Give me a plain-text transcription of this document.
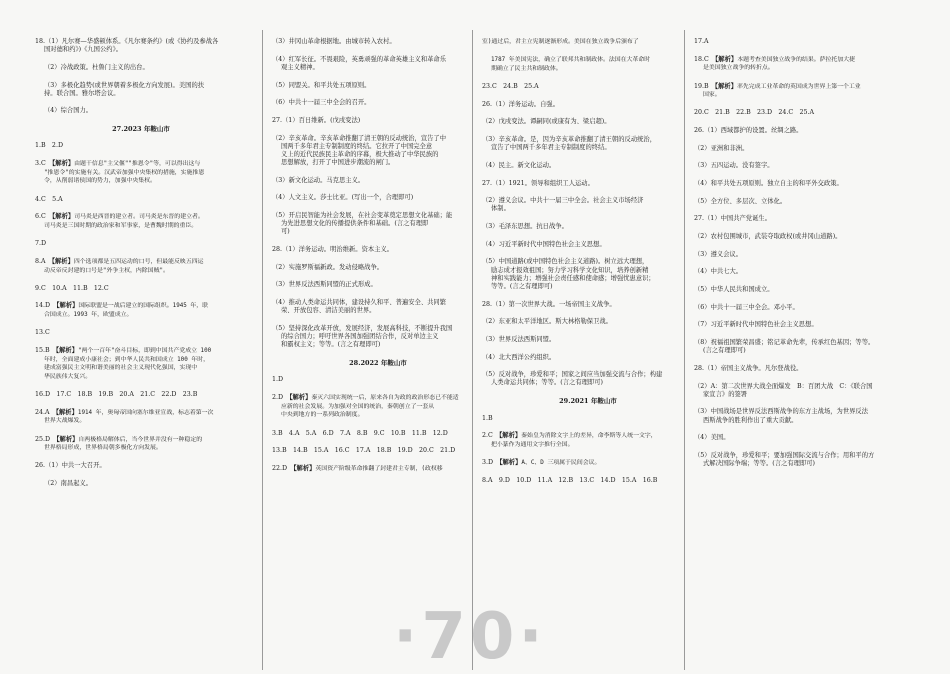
18.（1）凡尔赛—华盛顿体系。《凡尔赛条约》(或《协约及参战各
国对德和约》)《九国公约》。
（2）冷战政策。杜鲁门主义的出台。
（3）多极化趋势(或世界朝着多极化方向发展)。美国的扶
持。联合国。雅尔塔会议。
（4）综合国力。
27.2023 年鞍山市
1.B　2.D
3.C　【解析】由题干信息"主父偃""推恩令"等，可以得出这与
"推恩令"的实施有关。汉武帝加强中央集权的措施，实施推恩
令，从削弱诸侯国的势力，加强中央集权。
4.C　5.A
6.C　【解析】司马炎是西晋的建立者。司马炎是东晋的建立者。
司马炎是三国时期的政治家和军事家，是曹魏时期的重臣。
7.D
8.A　【解析】四个选项都是五四运动的口号，但最能反映五四运
动反帝反封建的口号是"外争主权，内除国贼"。
9.C　10.A　11.B　12.C
14.D　【解析】国际联盟是一战后建立的国际组织。1945 年，联
合国成立。1993 年，欧盟成立。
13.C　
15.B　【解析】"两个一百年"奋斗目标，即到中国共产党成立 100
年时，全面建成小康社会；到中华人民共和国成立 100 年时，
建成富强民主文明和谐美丽的社会主义现代化强国，实现中
华民族伟大复兴。
16.D　17.C　18.B　19.B　20.A　21.C　22.D　23.B
24.A　【解析】1914 年，奥匈帝国向塞尔维亚宣战，标志着第一次
世界大战爆发。
25.D　【解析】自两极格局解体后，当今世界并没有一种稳定的
世界格局形成，世界格局朝多极化方向发展。
26.（1）中共一大召开。
（2）南昌起义。
（3）井冈山革命根据地。由城市转入农村。
（4）红军长征。不畏艰险，英勇顽强的革命英雄主义和革命乐
观主义精神。
（5）同盟关。和平共处五项原则。
（6）中共十一届三中全会的召开。
27.（1）百日维新。(戊戌变法)
（2）辛亥革命。辛亥革命推翻了清王朝的反动统治，宣告了中
国两千多年君主专制制度的终结。它拉开了中国完全意
义上的近代民族民主革命的序幕，极大推动了中华民族的
思想解放，打开了中国进步潮流的闸门。
（3）新文化运动。马克思主义。
（4）人文主义。莎士比亚。(写出一个，合理即可)
（5）开启民智能为社会发展，在社会变革奠定思想文化基础；能
为先进思想文化的传播提供条件和基础。(言之有理即
可)
28.（1）洋务运动。明治维新。资本主义。
（2）实施罗斯福新政。发动侵略战争。
（3）世界反法西斯同盟的正式形成。
（4）推动人类命运共同体，建设持久和平、普遍安全、共同繁
荣、开放包容、清洁美丽的世界。
（5）坚持深化改革开放，发展经济，发展高科技，不断提升我国
的综合国力；呼吁世界各国加强团结合作，反对单边主义
和霸权主义；等等。(言之有理即可)
28.2022 年鞍山市
1.D
2.D　【解析】秦灭六国实现统一后，原来各自为政的政治形态已不能适
应新的社会发展。为加强对全国的统治，秦朝创立了一套从
中央到地方的一系列政治制度。
3.B　4.A　5.A　6.D　7.A　8.B　9.C　10.B　11.B　12.D
13.B　14.B　15.A　16.C　17.A　18.B　19.D　20.C　21.D
22.D　【解析】英国资产阶级革命推翻了封建君主专制，(政权移
室)通过后，君主立宪制逐渐形成。美国在独立战争后颁布了
1787 年美国宪法，确立了联邦共和制政体。法国在大革命时
期确立了民主共和制政体。
23.C　24.B　25.A
26.（1）洋务运动。自强。
（2）戊戌变法。谭嗣同(或康有为、梁启超)。
（3）辛亥革命。是，因为辛亥革命推翻了清王朝的反动统治，
宣告了中国两千多年君主专制制度的终结。
（4）民主。新文化运动。
27.（1）1921。领导和组织工人运动。
（2）遵义会议。中共十一届三中全会。社会主义市场经济
体制。
（3）毛泽东思想。抗日战争。
（4）习近平新时代中国特色社会主义思想。
（5）中国道路(或中国特色社会主义道路)。树立远大理想，
励志成才报效祖国；努力学习科学文化知识，培养创新精
神和实践能力；增强社会责任感和使命感；增强忧患意识；
等等。(言之有理即可)
28.（1）第一次世界大战。一场帝国主义战争。
（2）东亚和太平洋地区。斯大林格勒保卫战。
（3）世界反法西斯同盟。
（4）北大西洋公约组织。
（5）反对战争，珍爱和平；国家之间应当加强交流与合作；构建
人类命运共同体；等等。(言之有理即可)
29.2021 年鞍山市
1.B
2.C　【解析】秦始皇为消除文字上的差异，命李斯等人统一文字，
把小篆作为通用文字推行全国。
3.D　【解析】A、C、D 三项属于民间会议。
8.A　9.D　10.D　11.A　12.B　13.C　14.D　15.A　16.B
17.A
18.C　【解析】本题考查美国独立战争的结果。萨拉托加大捷
是美国独立战争的转折点。
19.B　【解析】率先完成工业革命的英国成为世界上第一个工业
国家。
20.C　21.B　22.B　23.D　24.C　25.A
26.（1）西域都护的设置。丝绸之路。
（2）亚洲和非洲。
（3）五四运动。没有签字。
（4）和平共处五项原则。独立自主的和平外交政策。
（5）全方位、多层次、立体化。
27.（1）中国共产党诞生。
（2）农村包围城市，武装夺取政权(或井冈山道路)。
（3）遵义会议。
（4）中共七大。
（5）中华人民共和国成立。
（6）中共十一届三中全会。邓小平。
（7）习近平新时代中国特色社会主义思想。
（8）祝福祖国繁荣昌盛；铭记革命先辈，传承红色基因；等等。
(言之有理即可)
28.（1）帝国主义战争。凡尔登战役。
（2）A：第二次世界大战全面爆发　B：百团大战　C：《联合国
家宣言》的签署
（3）中国战场是世界反法西斯战争的东方主战场，为世界反法
西斯战争的胜利作出了重大贡献。
（4）美国。
（5）反对战争，珍爱和平；要加强国际交流与合作；用和平的方
式解决国际争端；等等。(言之有理即可)
·70·
